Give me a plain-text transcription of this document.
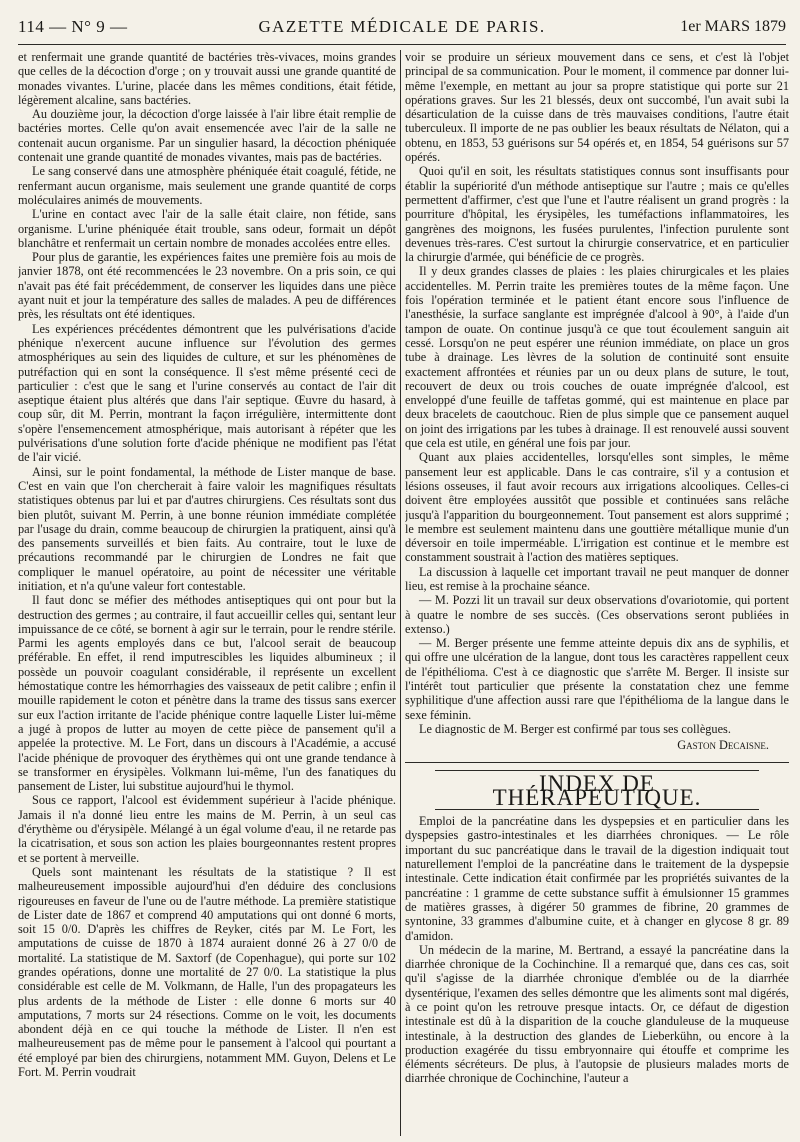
114 — N° 9 —	GAZETTE MÉDICALE DE PARIS.	1er MARS 1879

et renfermait une grande quantité de bactéries très-vivaces, moins grandes que celles de la décoction d'orge ; on y trouvait aussi une grande quantité de monades vivantes. L'urine, placée dans les mêmes conditions, était fétide, légèrement alcaline, sans bactéries.

Au douzième jour, la décoction d'orge laissée à l'air libre était remplie de bactéries mortes. Celle qu'on avait ensemencée avec l'air de la salle ne contenait aucun organisme. Par un singulier hasard, la décoction phéniquée contenait une grande quantité de monades vivantes, mais pas de bactéries.

Le sang conservé dans une atmosphère phéniquée était coagulé, fétide, ne renfermant aucun organisme, mais seulement une grande quantité de corps moléculaires animés de mouvements.

L'urine en contact avec l'air de la salle était claire, non fétide, sans organisme. L'urine phéniquée était trouble, sans odeur, formait un dépôt blanchâtre et renfermait un certain nombre de monades accolées entre elles.

Pour plus de garantie, les expériences faites une première fois au mois de janvier 1878, ont été recommencées le 23 novembre. On a pris soin, ce qui n'avait pas été fait précédemment, de conserver les liquides dans une pièce ayant nuit et jour la température des salles de malades. A peu de différences près, les résultats ont été identiques.

Les expériences précédentes démontrent que les pulvérisations d'acide phénique n'exercent aucune influence sur l'évolution des germes atmosphériques au sein des liquides de culture, et sur les phénomènes de putréfaction qui en sont la conséquence. Il s'est même présenté ceci de particulier : c'est que le sang et l'urine conservés au contact de l'air dit aseptique étaient plus altérés que dans l'air septique. Œuvre du hasard, à coup sûr, dit M. Perrin, montrant la façon irrégulière, intermittente dont s'opère l'ensemencement atmosphérique, mais autorisant à répéter que les pulvérisations d'une solution forte d'acide phénique ne modifient pas l'état de l'air vicié.

Ainsi, sur le point fondamental, la méthode de Lister manque de base. C'est en vain que l'on chercherait à faire valoir les magnifiques résultats statistiques obtenus par lui et par d'autres chirurgiens. Ces résultats sont dus bien plutôt, suivant M. Perrin, à une bonne réunion immédiate complétée par l'usage du drain, comme beaucoup de chirurgien la pratiquent, ainsi qu'à des pansements surveillés et bien faits. Au contraire, tout le luxe de précautions recommandé par le chirurgien de Londres ne fait que compliquer le manuel opératoire, au point de nécessiter une véritable initiation, et n'a qu'une valeur fort contestable.

Il faut donc se méfier des méthodes antiseptiques qui ont pour but la destruction des germes ; au contraire, il faut accueillir celles qui, sentant leur impuissance de ce côté, se bornent à agir sur le terrain, pour le rendre stérile. Parmi les agents employés dans ce but, l'alcool serait de beaucoup préférable. En effet, il rend imputrescibles les liquides albumineux ; il possède un pouvoir coagulant considérable, il représente un excellent hémostatique contre les hémorrhagies des vaisseaux de petit calibre ; enfin il mouille rapidement le coton et pénètre dans la trame des tissus sans exercer sur eux l'action irritante de l'acide phénique contre laquelle Lister lui-même a jugé à propos de lutter au moyen de cette pièce de pansement qu'il a appelée la protective. M. Le Fort, dans un discours à l'Académie, a accusé l'acide phénique de provoquer des érythèmes qui ont une grande tendance à se transformer en érysipèles. Volkmann lui-même, l'un des fanatiques du pansement de Lister, lui substitue aujourd'hui le thymol.

Sous ce rapport, l'alcool est évidemment supérieur à l'acide phénique. Jamais il n'a donné lieu entre les mains de M. Perrin, à un seul cas d'érythème ou d'érysipèle. Mélangé à un égal volume d'eau, il ne retarde pas la cicatrisation, et sous son action les plaies bourgeonnantes restent propres et se portent à merveille.

Quels sont maintenant les résultats de la statistique ? Il est malheureusement impossible aujourd'hui d'en déduire des conclusions rigoureuses en faveur de l'une ou de l'autre méthode. La première statistique de Lister date de 1867 et comprend 40 amputations qui ont donné 6 morts, soit 15 0/0. D'après les chiffres de Reyker, cités par M. Le Fort, les amputations de cuisse de 1870 à 1874 auraient donné 26 à 27 0/0 de mortalité. La statistique de M. Saxtorf (de Copenhague), qui porte sur 102 grandes opérations, donne une mortalité de 27 0/0. La statistique la plus considérable est celle de M. Volkmann, de Halle, l'un des propagateurs les plus ardents de la méthode de Lister : elle donne 6 morts sur 40 amputations, 7 morts sur 24 résections. Comme on le voit, les documents abondent déjà en ce qui touche la méthode de Lister. Il n'en est malheureusement pas de même pour le pansement à l'alcool qui pourtant a été employé par bien des chirurgiens, notamment MM. Guyon, Delens et Le Fort. M. Perrin voudrait

voir se produire un sérieux mouvement dans ce sens, et c'est là l'objet principal de sa communication. Pour le moment, il commence par donner lui-même l'exemple, en mettant au jour sa propre statistique qui porte sur 21 opérations graves. Sur les 21 blessés, deux ont succombé, l'un avait subi la désarticulation de la cuisse dans de très mauvaises conditions, l'autre était tuberculeux. Il importe de ne pas oublier les beaux résultats de Nélaton, qui a obtenu, en 1853, 53 guérisons sur 54 opérés et, en 1854, 54 guérisons sur 57 opérés.

Quoi qu'il en soit, les résultats statistiques connus sont insuffisants pour établir la supériorité d'un méthode antiseptique sur l'autre ; mais ce qu'elles permettent d'affirmer, c'est que l'une et l'autre réalisent un grand progrès : la pourriture d'hôpital, les érysipèles, les tuméfactions inflammatoires, les gangrènes des moignons, les fusées purulentes, l'infection purulente sont devenues très-rares. C'est surtout la chirurgie conservatrice, et en particulier la chirurgie d'armée, qui bénéficie de ce progrès.

Il y deux grandes classes de plaies : les plaies chirurgicales et les plaies accidentelles. M. Perrin traite les premières toutes de la même façon. Une fois l'opération terminée et le patient étant encore sous l'influence de l'anesthésie, la surface sanglante est imprégnée d'alcool à 90°, à l'aide d'un tampon de ouate. On continue jusqu'à ce que tout écoulement sanguin ait cessé. Lorsqu'on ne peut espérer une réunion immédiate, on place un gros tube à drainage. Les lèvres de la solution de continuité sont ensuite exactement affrontées et réunies par un ou deux plans de suture, le tout, recouvert de deux ou trois couches de ouate imprégnée d'alcool, est enveloppé d'une feuille de taffetas gommé, qui est maintenue en place par deux bracelets de caoutchouc. Rien de plus simple que ce pansement auquel on joint des irrigations par les tubes à drainage. Il est renouvelé aussi souvent que cela est utile, en général une fois par jour.

Quant aux plaies accidentelles, lorsqu'elles sont simples, le même pansement leur est applicable. Dans le cas contraire, s'il y a contusion et lésions osseuses, il faut avoir recours aux irrigations alcooliques. Celles-ci doivent être employées aussitôt que possible et continuées sans relâche jusqu'à l'apparition du bourgeonnement. Tout pansement est alors supprimé ; le membre est seulement maintenu dans une gouttière métallique munie d'un déversoir en toile imperméable. L'irrigation est continue et le membre est constamment soustrait à l'action des matières septiques.

La discussion à laquelle cet important travail ne peut manquer de donner lieu, est remise à la prochaine séance.

— M. Pozzi lit un travail sur deux observations d'ovariotomie, qui portent à quatre le nombre de ses succès. (Ces observations seront publiées in extenso.)

— M. Berger présente une femme atteinte depuis dix ans de syphilis, et qui offre une ulcération de la langue, dont tous les caractères rappellent ceux de l'épithélioma. C'est à ce diagnostic que s'arrête M. Berger. Il insiste sur l'intérêt tout particulier que présente la constatation chez une femme syphilitique d'une affection aussi rare que l'épithélioma de la langue dans le sexe féminin.

Le diagnostic de M. Berger est confirmé par tous ses collègues.

Gaston Decaisne.

INDEX DE THÉRAPEUTIQUE.

Emploi de la pancréatine dans les dyspepsies et en particulier dans les dyspepsies gastro-intestinales et les diarrhées chroniques. — Le rôle important du suc pancréatique dans le travail de la digestion indiquait tout naturellement l'emploi de la pancréatine dans le traitement de la dyspepsie intestinale. Cette indication était confirmée par les propriétés suivantes de la pancréatine : 1 gramme de cette substance suffit à émulsionner 15 grammes de matières grasses, à digérer 50 grammes de fibrine, 20 grammes de syntonine, 33 grammes d'albumine cuite, et à changer en glycose 8 gr. 89 d'amidon.

Un médecin de la marine, M. Bertrand, a essayé la pancréatine dans la diarrhée chronique de la Cochinchine. Il a remarqué que, dans ces cas, soit qu'il s'agisse de la diarrhée chronique d'emblée ou de la diarrhée dysentérique, l'examen des selles démontre que les aliments sont mal digérés, à ce point qu'on les retrouve presque intacts. Or, ce défaut de digestion intestinale est dû à la disparition de la couche glanduleuse de la muqueuse intestinale, à la destruction des glandes de Lieberkühn, ou encore à la production exagérée du tissu embryonnaire qui étouffe et comprime les éléments sécréteurs. De plus, à l'autopsie de plusieurs malades morts de diarrhée chronique de Cochinchine, l'auteur a
